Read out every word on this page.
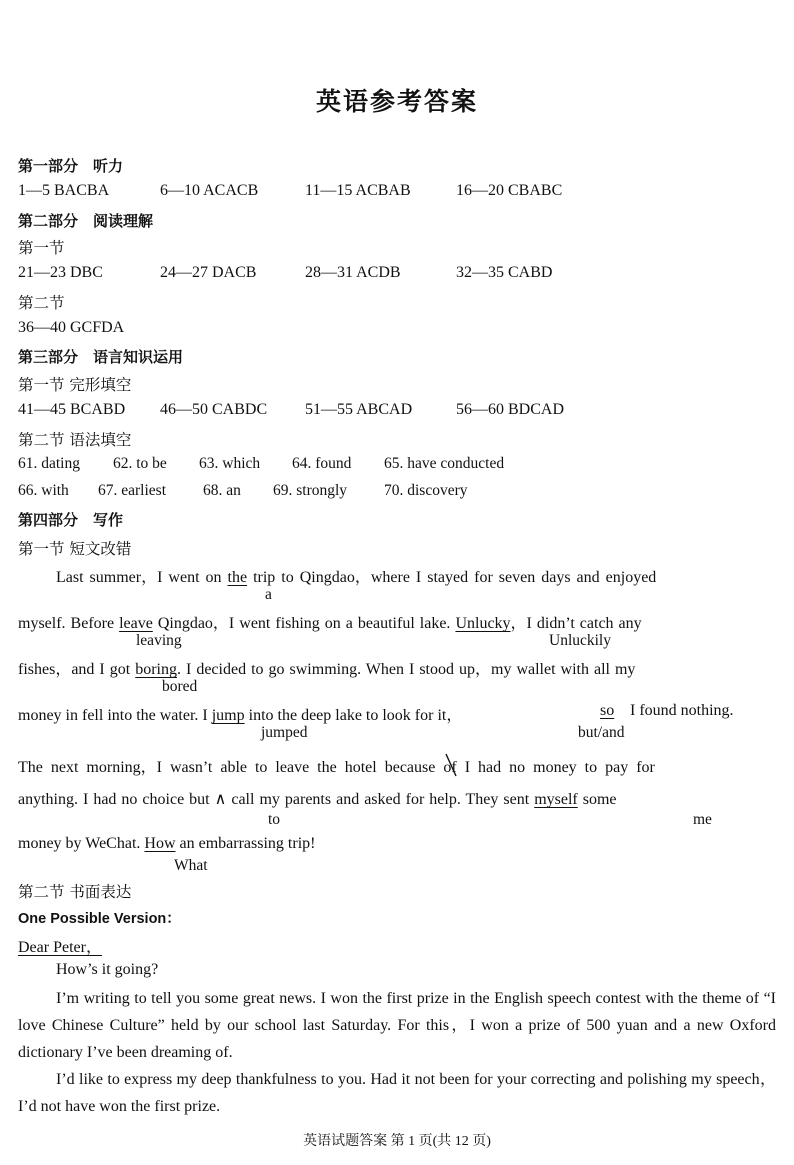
英语参考答案
第一部分　听力
1—5 BACBA	6—10 ACACB	11—15 ACBAB	16—20 CBABC
第二部分　阅读理解
第一节
21—23 DBC	24—27 DACB	28—31 ACDB	32—35 CABD
第二节
36—40 GCFDA
第三部分　语言知识运用
第一节 完形填空
41—45 BCABD 46—50 CABDC 51—55 ABCAD	56—60 BDCAD
第二节 语法填空
61. dating 62. to be 63. which 64. found 65. have conducted
66. with 67. earliest 68. an 69. strongly 70. discovery
第四部分　写作
第一节 短文改错
Last summer，I went on the trip to Qingdao，where I stayed for seven days and enjoyed
a
myself. Before leave Qingdao，I went fishing on a beautiful lake. Unlucky，I didn’t catch any
leaving	Unluckily
fishes，and I got boring. I decided to go swimming. When I stood up，my wallet with all my
bored
money in fell into the water. I jump into the deep lake to look for it，	so I found nothing.
jumped	but/and
The next morning，I wasn’t able to leave the hotel because of
I had no money to pay for
anything. I had no choice but ∧ call my parents and asked for help. They sent myself some
to	me
money by WeChat. How an embarrassing trip!
What
第二节 书面表达
One Possible Version：
Dear Peter，
How’s it going?
I’m writing to tell you some great news. I won the first prize in the English speech contest with the theme of “I love Chinese Culture” held by our school last Saturday. For this，I won a prize of 500 yuan and a new Oxford dictionary I’ve been dreaming of.
I’d like to express my deep thankfulness to you. Had it not been for your correcting and polishing my speech，I’d not have won the first prize.
英语试题答案 第 1 页(共 12 页)
